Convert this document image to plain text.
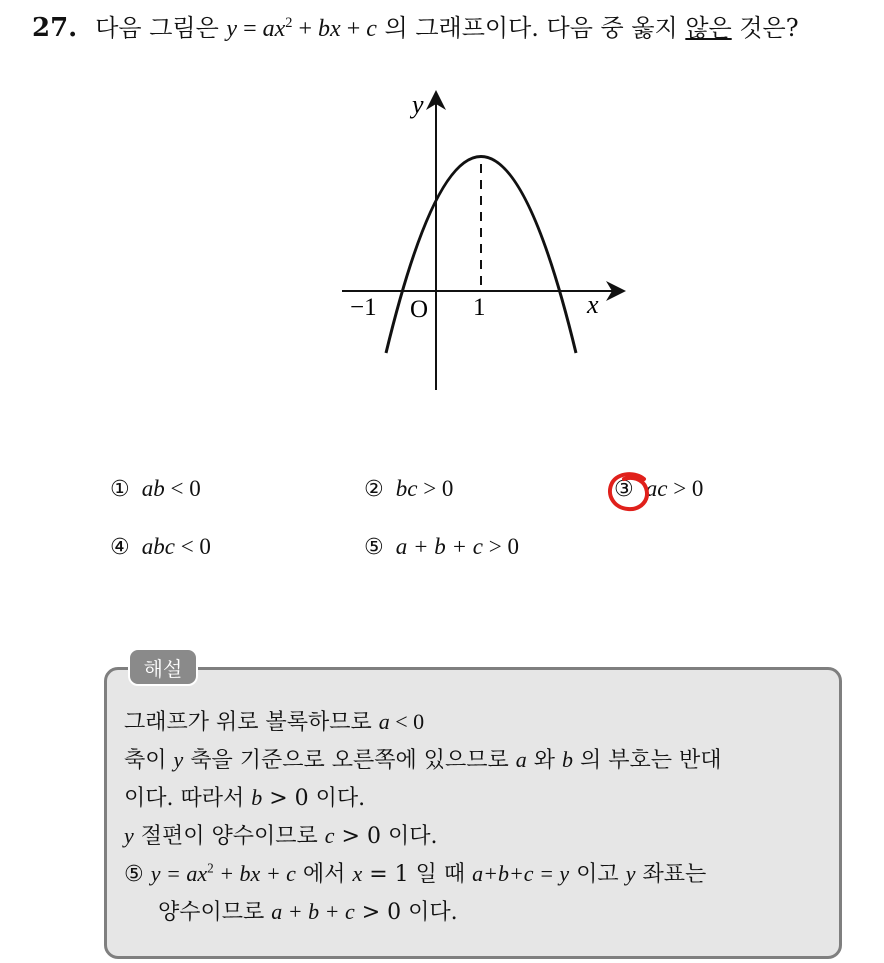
27. 다음 그림은 $y = ax^2$ + bx + c 의 그래프이다. 다음 중 옳지 않은 것은?
y
x
−1 O 1
① ab < 0	② bc > 0	③ ac > 0
④ abc < 0	⑤ a + b + c > 0
해설
그래프가 위로 볼록하므로 a < 0
축이 y 축을 기준으로 오른쪽에 있으므로 a 와 b 의 부호는 반대
이다. 따라서 b > 0 이다.
y 절편이 양수이므로 c > 0 이다.
⑤ $y = ax^2$ + bx + c 에서 x = 1 일 때 a+b+c = y 이고 y 좌표는
양수이므로 a + b + c > 0 이다.
